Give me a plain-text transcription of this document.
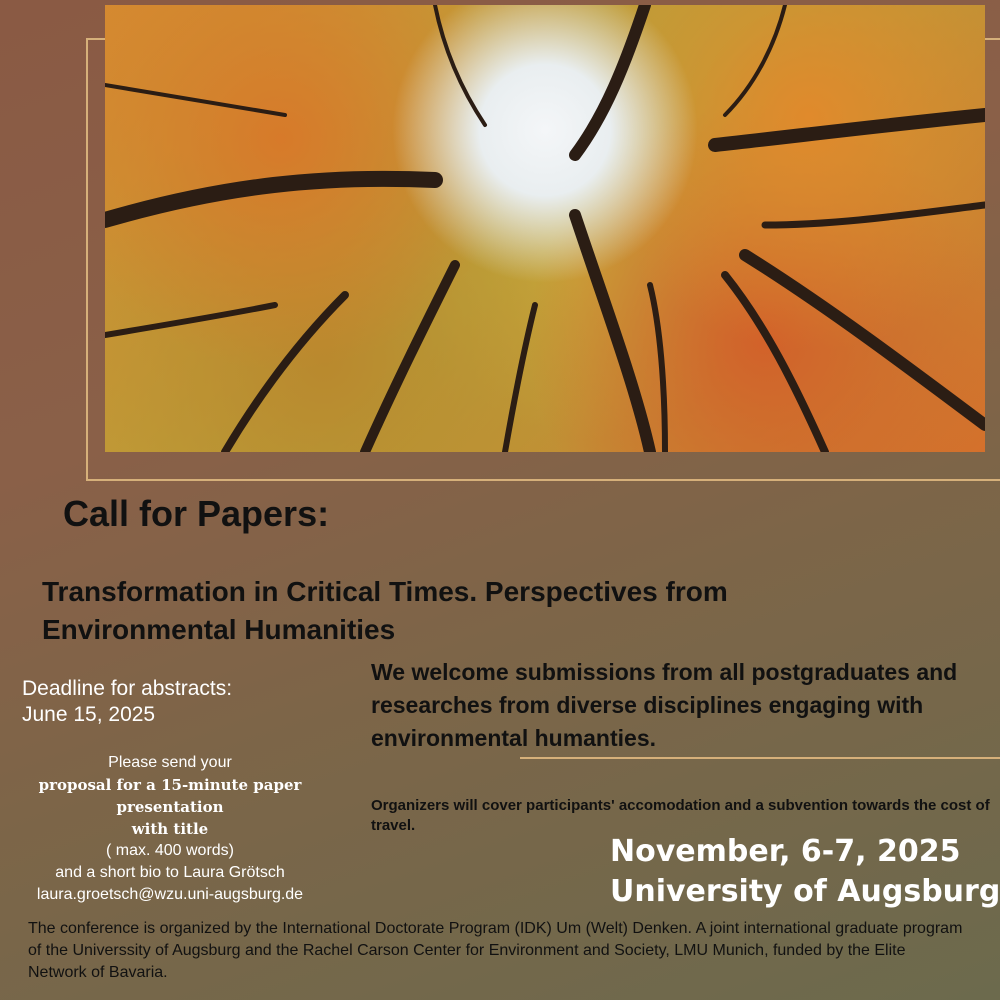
Call for Papers:

Transformation in Critical Times. Perspectives from Environmental Humanities

Deadline for abstracts:
June 15, 2025
Please send your
proposal for a 15-minute paper
presentation
with title
( max. 400 words)
and a short bio to Laura Grötsch
laura.groetsch@wzu.uni-augsburg.de

We welcome submissions from all postgraduates and researches from diverse disciplines engaging with environmental humanties.

Organizers will cover participants' accomodation and a subvention towards the cost of travel.

November, 6-7, 2025
University of Augsburg

The conference is organized by the International Doctorate Program (IDK) Um (Welt) Denken. A joint international graduate program of the Universsity of Augsburg and the Rachel Carson Center for Environment and Society, LMU Munich, funded by the Elite Network of Bavaria.
